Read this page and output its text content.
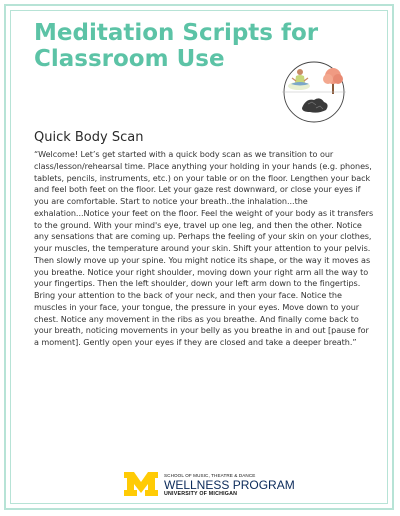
Meditation Scripts for
Classroom Use
Quick Body Scan
“Welcome! Let’s get started with a quick body scan as we transition to our class/lesson/rehearsal time. Place anything your holding in your hands (e.g. phones, tablets, pencils, instruments, etc.) on your table or on the floor. Lengthen your back and feel both feet on the floor. Let your gaze rest downward, or close your eyes if you are comfortable. Start to notice your breath..the inhalation...the exhalation...Notice your feet on the floor. Feel the weight of your body as it transfers to the ground. With your mind's eye, travel up one leg, and then the other. Notice any sensations that are coming up. Perhaps the feeling of your skin on your clothes, your muscles, the temperature around your skin. Shift your attention to your pelvis. Then slowly move up your spine. You might notice its shape, or the way it moves as you breathe. Notice your right shoulder, moving down your right arm all the way to your fingertips. Then the left shoulder, down your left arm down to the fingertips. Bring your attention to the back of your neck, and then your face. Notice the muscles in your face, your tongue, the pressure in your eyes. Move down to your chest. Notice any movement in the ribs as you breathe. And finally come back to your breath, noticing movements in your belly as you breathe in and out [pause for a moment]. Gently open your eyes if they are closed and take a deeper breath.”
SCHOOL OF MUSIC, THEATRE & DANCE
WELLNESS PROGRAM
UNIVERSITY OF MICHIGAN
